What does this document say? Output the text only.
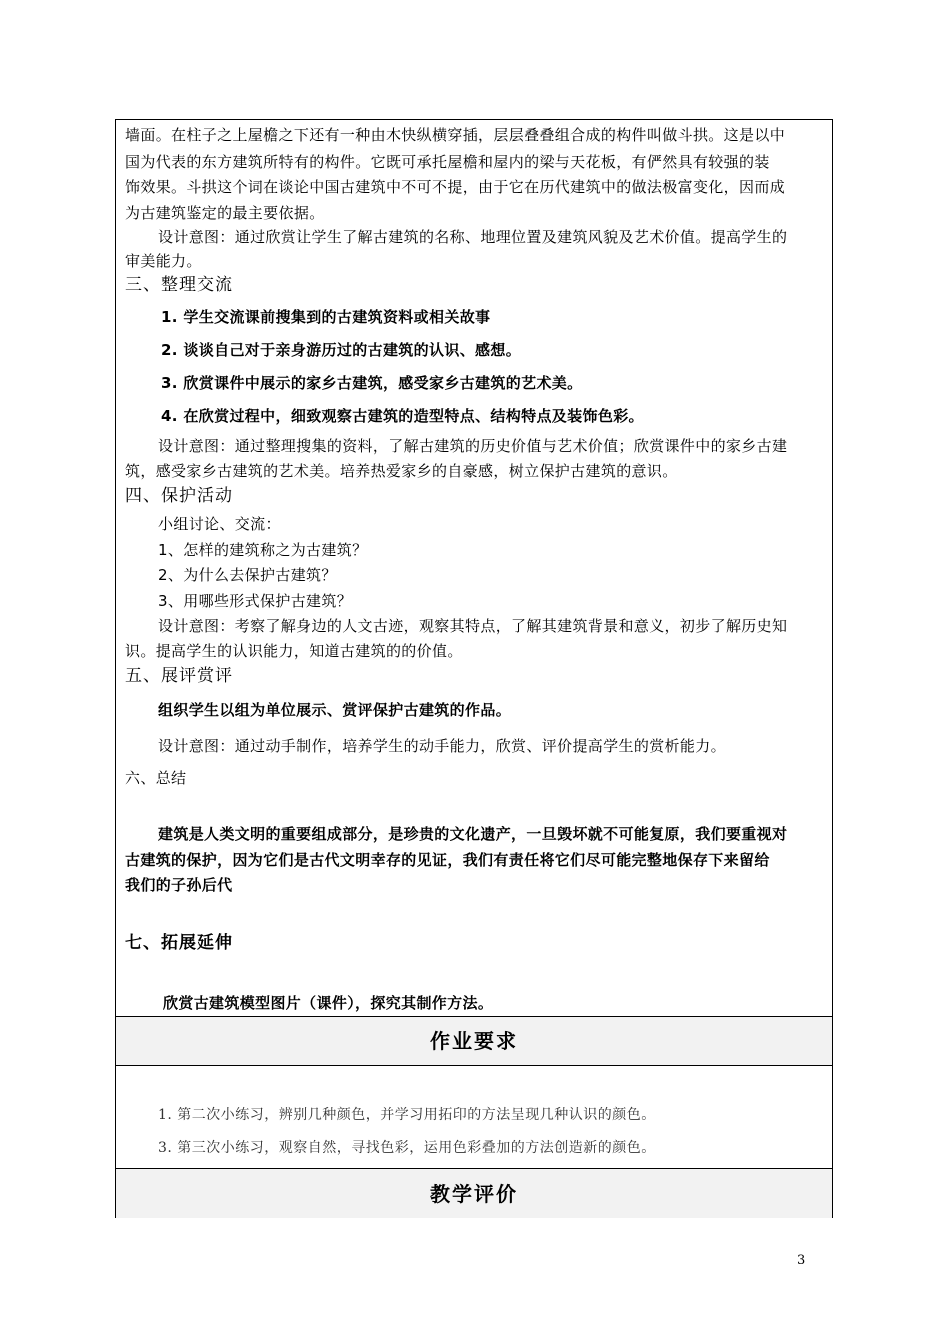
墙面。在柱子之上屋檐之下还有一种由木快纵横穿插，层层叠叠组合成的构件叫做斗拱。这是以中
国为代表的东方建筑所特有的构件。它既可承托屋檐和屋内的梁与天花板，有俨然具有较强的装
饰效果。斗拱这个词在谈论中国古建筑中不可不提，由于它在历代建筑中的做法极富变化，因而成
为古建筑鉴定的最主要依据。
设计意图：通过欣赏让学生了解古建筑的名称、地理位置及建筑风貌及艺术价值。提高学生的
审美能力。
三、整理交流
1. 学生交流课前搜集到的古建筑资料或相关故事
2. 谈谈自己对于亲身游历过的古建筑的认识、感想。
3. 欣赏课件中展示的家乡古建筑，感受家乡古建筑的艺术美。
4. 在欣赏过程中，细致观察古建筑的造型特点、结构特点及装饰色彩。
设计意图：通过整理搜集的资料，了解古建筑的历史价值与艺术价值；欣赏课件中的家乡古建
筑，感受家乡古建筑的艺术美。培养热爱家乡的自豪感，树立保护古建筑的意识。
四、保护活动
小组讨论、交流：
1、怎样的建筑称之为古建筑？
2、为什么去保护古建筑？
3、用哪些形式保护古建筑？
设计意图：考察了解身边的人文古迹，观察其特点，了解其建筑背景和意义，初步了解历史知
识。提高学生的认识能力，知道古建筑的的价值。
五、展评赏评
组织学生以组为单位展示、赏评保护古建筑的作品。
设计意图：通过动手制作，培养学生的动手能力，欣赏、评价提高学生的赏析能力。
六、总结
建筑是人类文明的重要组成部分，是珍贵的文化遗产，一旦毁坏就不可能复原，我们要重视对
古建筑的保护，因为它们是古代文明幸存的见证，我们有责任将它们尽可能完整地保存下来留给
我们的子孙后代
七、拓展延伸
欣赏古建筑模型图片（课件），探究其制作方法。
作业要求
1. 第二次小练习，辨别几种颜色，并学习用拓印的方法呈现几种认识的颜色。
3. 第三次小练习，观察自然，寻找色彩，运用色彩叠加的方法创造新的颜色。
教学评价
3
